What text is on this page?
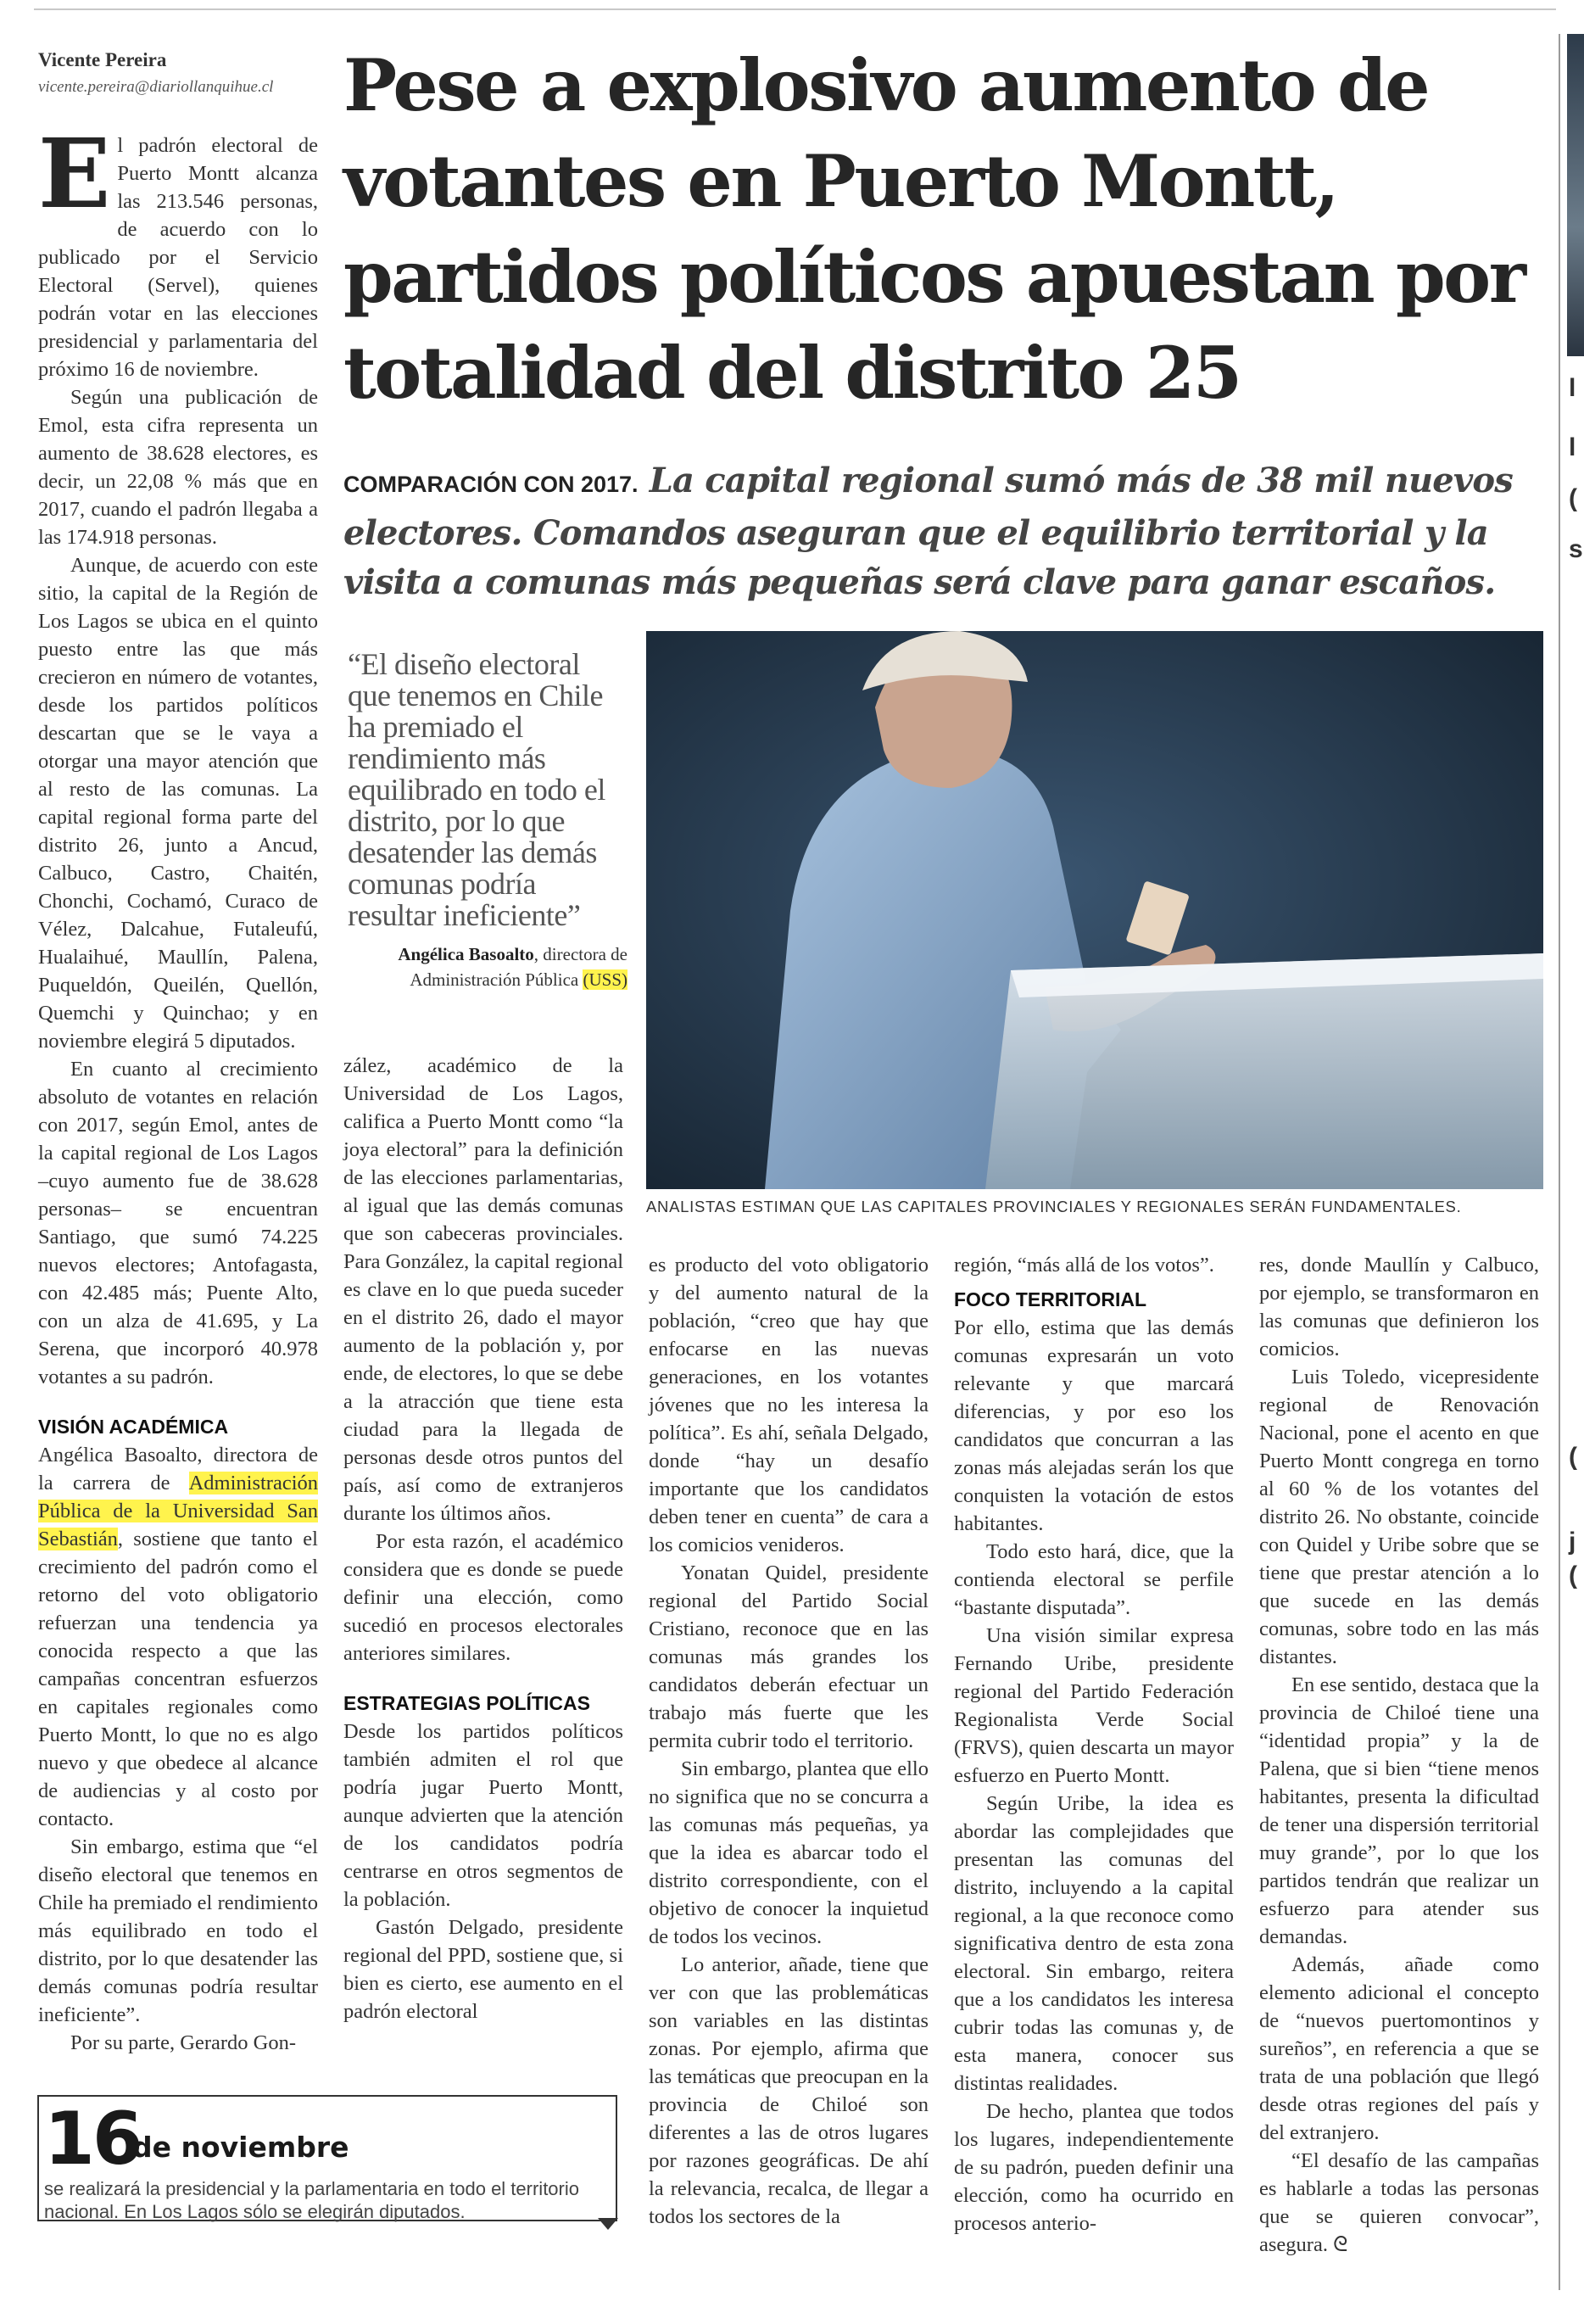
l
l
(
s
(
j
(
Vicente Pereira
vicente.pereira@diariollanquihue.cl Pese a explosivo aumento de votantes en Puerto Montt, partidos políticos apuestan por totalidad del distrito 25
COMPARACIÓN CON 2017. La capital regional sumó más de 38 mil nuevos electores. Comandos aseguran que el equilibrio territorial y la visita a comunas más pequeñas será clave para ganar escaños.

El padrón electoral de Puerto Montt alcanza las 213.546 personas, de acuerdo con lo publicado por el Servicio Electoral (Servel), quienes podrán votar en las elecciones presidencial y parlamentaria del próximo 16 de noviembre.

Según una publicación de Emol, esta cifra representa un aumento de 38.628 electores, es decir, un 22,08 % más que en 2017, cuando el padrón llegaba a las 174.918 personas.

Aunque, de acuerdo con este sitio, la capital de la Región de Los Lagos se ubica en el quinto puesto entre las que más crecieron en número de votantes, desde los partidos políticos descartan que se le vaya a otorgar una mayor atención que al resto de las comunas. La capital regional forma parte del distrito 26, junto a Ancud, Calbuco, Castro, Chaitén, Chonchi, Cochamó, Curaco de Vélez, Dalcahue, Futaleufú, Hualaihué, Maullín, Palena, Puqueldón, Queilén, Quellón, Quemchi y Quinchao; y en noviembre elegirá 5 diputados.

En cuanto al crecimiento absoluto de votantes en relación con 2017, según Emol, antes de la capital regional de Los Lagos –cuyo aumento fue de 38.628 personas– se encuentran Santiago, que sumó 74.225 nuevos electores; Antofagasta, con 42.485 más; Puente Alto, con un alza de 41.695, y La Serena, que incorporó 40.978 votantes a su padrón.

VISIÓN ACADÉMICA

Angélica Basoalto, directora de la carrera de Administración Pública de la Universidad San Sebastián, sostiene que tanto el crecimiento del padrón como el retorno del voto obligatorio refuerzan una tendencia ya conocida respecto a que las campañas concentran esfuerzos en capitales regionales como Puerto Montt, lo que no es algo nuevo y que obedece al alcance de audiencias y al costo por contacto.

Sin embargo, estima que “el diseño electoral que tenemos en Chile ha premiado el rendimiento más equilibrado en todo el distrito, por lo que desatender las demás comunas podría resultar ineficiente”.

Por su parte, Gerardo Gon-

“El diseño electoral que tenemos en Chile ha premiado el rendimiento más equilibrado en todo el distrito, por lo que desatender las demás comunas podría resultar ineficiente”
Angélica Basoalto, directora de Administración Pública (USS)
ANALISTAS ESTIMAN QUE LAS CAPITALES PROVINCIALES Y REGIONALES SERÁN FUNDAMENTALES.

zález, académico de la Universidad de Los Lagos, califica a Puerto Montt como “la joya electoral” para la definición de las elecciones parlamentarias, al igual que las demás comunas que son cabeceras provinciales. Para González, la capital regional es clave en lo que pueda suceder en el distrito 26, dado el mayor aumento de la población y, por ende, de electores, lo que se debe a la atracción que tiene esta ciudad para la llegada de personas desde otros puntos del país, así como de extranjeros durante los últimos años.

Por esta razón, el académico considera que es donde se puede definir una elección, como sucedió en procesos electorales anteriores similares.

ESTRATEGIAS POLÍTICAS

Desde los partidos políticos también admiten el rol que podría jugar Puerto Montt, aunque advierten que la atención de los candidatos podría centrarse en otros segmentos de la población.

Gastón Delgado, presidente regional del PPD, sostiene que, si bien es cierto, ese aumento en el padrón electoral

es producto del voto obligatorio y del aumento natural de la población, “creo que hay que enfocarse en las nuevas generaciones, en los votantes jóvenes que no les interesa la política”. Es ahí, señala Delgado, donde “hay un desafío importante que los candidatos deben tener en cuenta” de cara a los comicios venideros.

Yonatan Quidel, presidente regional del Partido Social Cristiano, reconoce que en las comunas más grandes los candidatos deberán efectuar un trabajo más fuerte que les permita cubrir todo el territorio.

Sin embargo, plantea que ello no significa que no se concurra a las comunas más pequeñas, ya que la idea es abarcar todo el distrito correspondiente, con el objetivo de conocer la inquietud de todos los vecinos.

Lo anterior, añade, tiene que ver con que las problemáticas son variables en las distintas zonas. Por ejemplo, afirma que las temáticas que preocupan en la provincia de Chiloé son diferentes a las de otros lugares por razones geográficas. De ahí la relevancia, recalca, de llegar a todos los sectores de la

región, “más allá de los votos”.

FOCO TERRITORIAL

Por ello, estima que las demás comunas expresarán un voto relevante y que marcará diferencias, y por eso los candidatos que concurran a las zonas más alejadas serán los que conquisten la votación de estos habitantes.

Todo esto hará, dice, que la contienda electoral se perfile “bastante disputada”.

Una visión similar expresa Fernando Uribe, presidente regional del Partido Federación Regionalista Verde Social (FRVS), quien descarta un mayor esfuerzo en Puerto Montt.

Según Uribe, la idea es abordar las complejidades que presentan las comunas del distrito, incluyendo a la capital regional, a la que reconoce como significativa dentro de esta zona electoral. Sin embargo, reitera que a los candidatos les interesa cubrir todas las comunas y, de esta manera, conocer sus distintas realidades.

De hecho, plantea que todos los lugares, independientemente de su padrón, pueden definir una elección, como ha ocurrido en procesos anterio-

res, donde Maullín y Calbuco, por ejemplo, se transformaron en las comunas que definieron los comicios.

Luis Toledo, vicepresidente regional de Renovación Nacional, pone el acento en que Puerto Montt congrega en torno al 60 % de los votantes del distrito 26. No obstante, coincide con Quidel y Uribe sobre que se tiene que prestar atención a lo que sucede en las demás comunas, sobre todo en las más distantes.

En ese sentido, destaca que la provincia de Chiloé tiene una “identidad propia” y la de Palena, que si bien “tiene menos habitantes, presenta la dificultad de tener una dispersión territorial muy grande”, por lo que los partidos tendrán que realizar un esfuerzo para atender sus demandas.

Además, añade como elemento adicional el concepto de “nuevos puertomontinos y sureños”, en referencia a que se trata de una población que llegó desde otras regiones del país y del extranjero.

“El desafío de las campañas es hablarle a todas las personas que se quieren convocar”, asegura. ᘓ

16
de noviembre
se realizará la presidencial y la parlamentaria en todo el territorio nacional. En Los Lagos sólo se elegirán diputados.
